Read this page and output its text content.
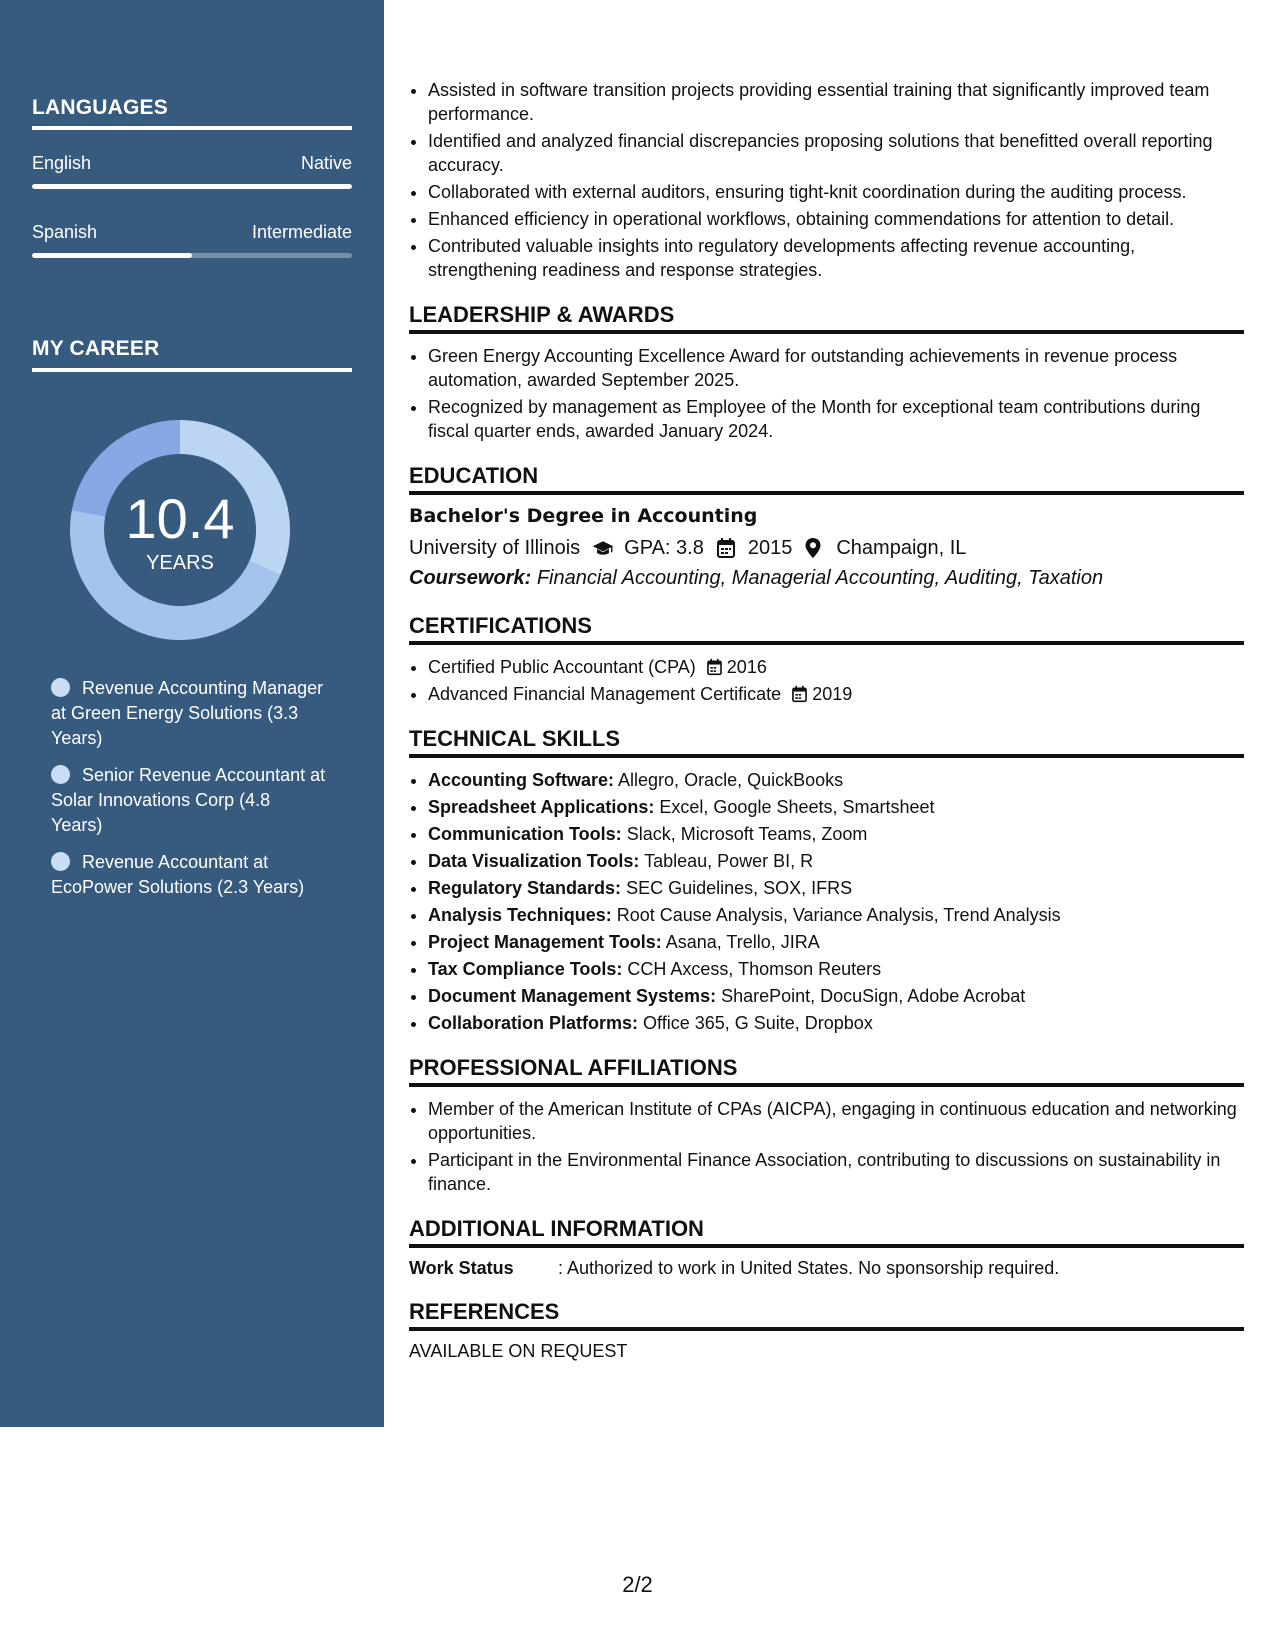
LANGUAGES
English	Native
Spanish	Intermediate
MY CAREER
10.4
YEARS
Revenue Accounting Manager at Green Energy Solutions (3.3 Years)
Senior Revenue Accountant at Solar Innovations Corp (4.8 Years)
Revenue Accountant at EcoPower Solutions (2.3 Years)
• Assisted in software transition projects providing essential training that significantly improved team performance.
• Identified and analyzed financial discrepancies proposing solutions that benefitted overall reporting accuracy.
• Collaborated with external auditors, ensuring tight-knit coordination during the auditing process.
• Enhanced efficiency in operational workflows, obtaining commendations for attention to detail.
• Contributed valuable insights into regulatory developments affecting revenue accounting, strengthening readiness and response strategies.
LEADERSHIP & AWARDS
• Green Energy Accounting Excellence Award for outstanding achievements in revenue process automation, awarded September 2025.
• Recognized by management as Employee of the Month for exceptional team contributions during fiscal quarter ends, awarded January 2024.
EDUCATION
Bachelor's Degree in Accounting
University of Illinois GPA: 3.8 2015 Champaign, IL
Coursework: Financial Accounting, Managerial Accounting, Auditing, Taxation
CERTIFICATIONS
• Certified Public Accountant (CPA) 2016
• Advanced Financial Management Certificate 2019
TECHNICAL SKILLS
• Accounting Software: Allegro, Oracle, QuickBooks
• Spreadsheet Applications: Excel, Google Sheets, Smartsheet
• Communication Tools: Slack, Microsoft Teams, Zoom
• Data Visualization Tools: Tableau, Power BI, R
• Regulatory Standards: SEC Guidelines, SOX, IFRS
• Analysis Techniques: Root Cause Analysis, Variance Analysis, Trend Analysis
• Project Management Tools: Asana, Trello, JIRA
• Tax Compliance Tools: CCH Axcess, Thomson Reuters
• Document Management Systems: SharePoint, DocuSign, Adobe Acrobat
• Collaboration Platforms: Office 365, G Suite, Dropbox
PROFESSIONAL AFFILIATIONS
• Member of the American Institute of CPAs (AICPA), engaging in continuous education and networking opportunities.
• Participant in the Environmental Finance Association, contributing to discussions on sustainability in finance.
ADDITIONAL INFORMATION
Work Status	: Authorized to work in United States. No sponsorship required.
REFERENCES
AVAILABLE ON REQUEST
2/2
